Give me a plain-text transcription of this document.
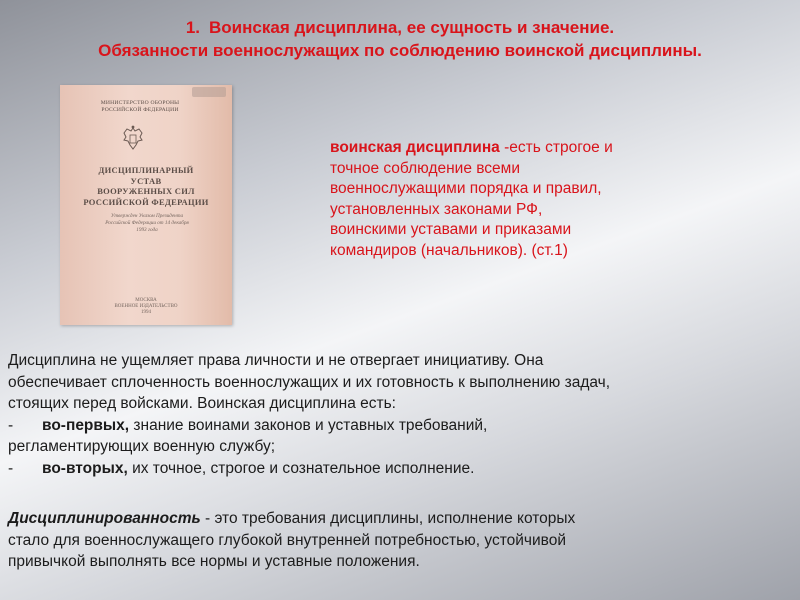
1. Воинская дисциплина, ее сущность и значение.
Обязанности военнослужащих по соблюдению воинской дисциплины.
МИНИСТЕРСТВО ОБОРОНЫ
РОССИЙСКОЙ ФЕДЕРАЦИИ
ДИСЦИПЛИНАРНЫЙ
УСТАВ
ВООРУЖЕННЫХ СИЛ
РОССИЙСКОЙ ФЕДЕРАЦИИ
Утвержден Указом Президента
Российской Федерации от 14 декабря
1993 года
МОСКВА
ВОЕННОЕ ИЗДАТЕЛЬСТВО
1994
воинская дисциплина -есть строгое и
точное соблюдение всеми
военнослужащими порядка и правил,
установленных законами РФ,
воинскими уставами и приказами
командиров (начальников). (ст.1)
Дисциплина не ущемляет права личности и не отвергает инициативу. Она
обеспечивает сплоченность военнослужащих и их готовность к выполнению задач,
стоящих перед войсками. Воинская дисциплина есть:
- во-первых, знание воинами законов и уставных требований,
регламентирующих военную службу;
- во-вторых, их точное, строгое и сознательное исполнение.
Дисциплинированность - это требования дисциплины, исполнение которых
стало для военнослужащего глубокой внутренней потребностью, устойчивой
привычкой выполнять все нормы и уставные положения.
